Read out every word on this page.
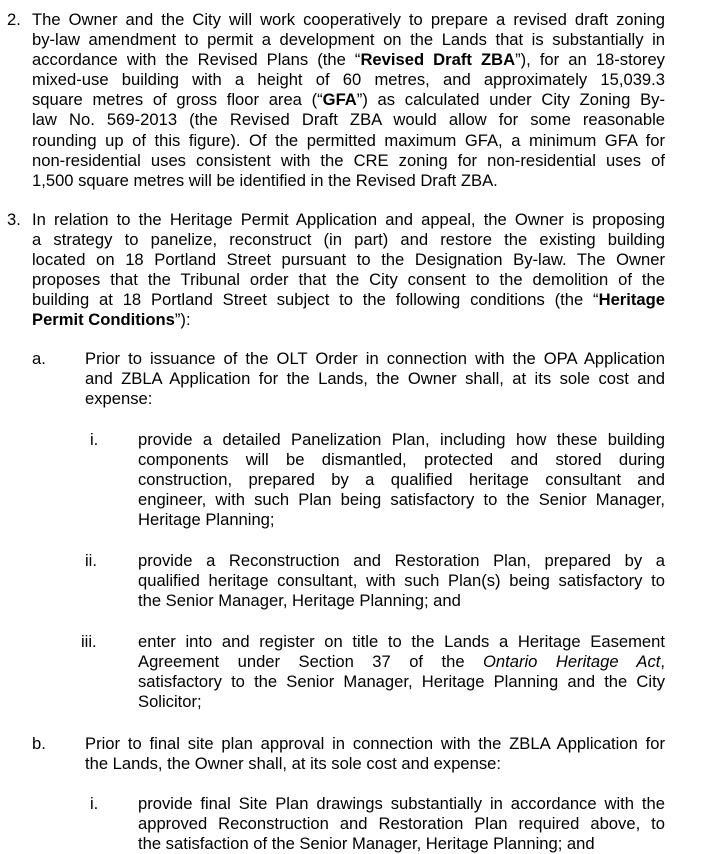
2. The Owner and the City will work cooperatively to prepare a revised draft zoning
by-law amendment to permit a development on the Lands that is substantially in
accordance with the Revised Plans (the “Revised Draft ZBA”), for an 18-storey
mixed-use building with a height of 60 metres, and approximately 15,039.3
square metres of gross floor area (“GFA”) as calculated under City Zoning By-
law No. 569-2013 (the Revised Draft ZBA would allow for some reasonable
rounding up of this figure). Of the permitted maximum GFA, a minimum GFA for
non-residential uses consistent with the CRE zoning for non-residential uses of
1,500 square metres will be identified in the Revised Draft ZBA.
3. In relation to the Heritage Permit Application and appeal, the Owner is proposing
a strategy to panelize, reconstruct (in part) and restore the existing building
located on 18 Portland Street pursuant to the Designation By-law. The Owner
proposes that the Tribunal order that the City consent to the demolition of the
building at 18 Portland Street subject to the following conditions (the “Heritage
Permit Conditions”):
a. Prior to issuance of the OLT Order in connection with the OPA Application
and ZBLA Application for the Lands, the Owner shall, at its sole cost and
expense:
i. provide a detailed Panelization Plan, including how these building
components will be dismantled, protected and stored during
construction, prepared by a qualified heritage consultant and
engineer, with such Plan being satisfactory to the Senior Manager,
Heritage Planning;
ii. provide a Reconstruction and Restoration Plan, prepared by a
qualified heritage consultant, with such Plan(s) being satisfactory to
the Senior Manager, Heritage Planning; and
iii. enter into and register on title to the Lands a Heritage Easement
Agreement under Section 37 of the Ontario Heritage Act,
satisfactory to the Senior Manager, Heritage Planning and the City
Solicitor;
b. Prior to final site plan approval in connection with the ZBLA Application for
the Lands, the Owner shall, at its sole cost and expense:
i. provide final Site Plan drawings substantially in accordance with the
approved Reconstruction and Restoration Plan required above, to
the satisfaction of the Senior Manager, Heritage Planning; and
